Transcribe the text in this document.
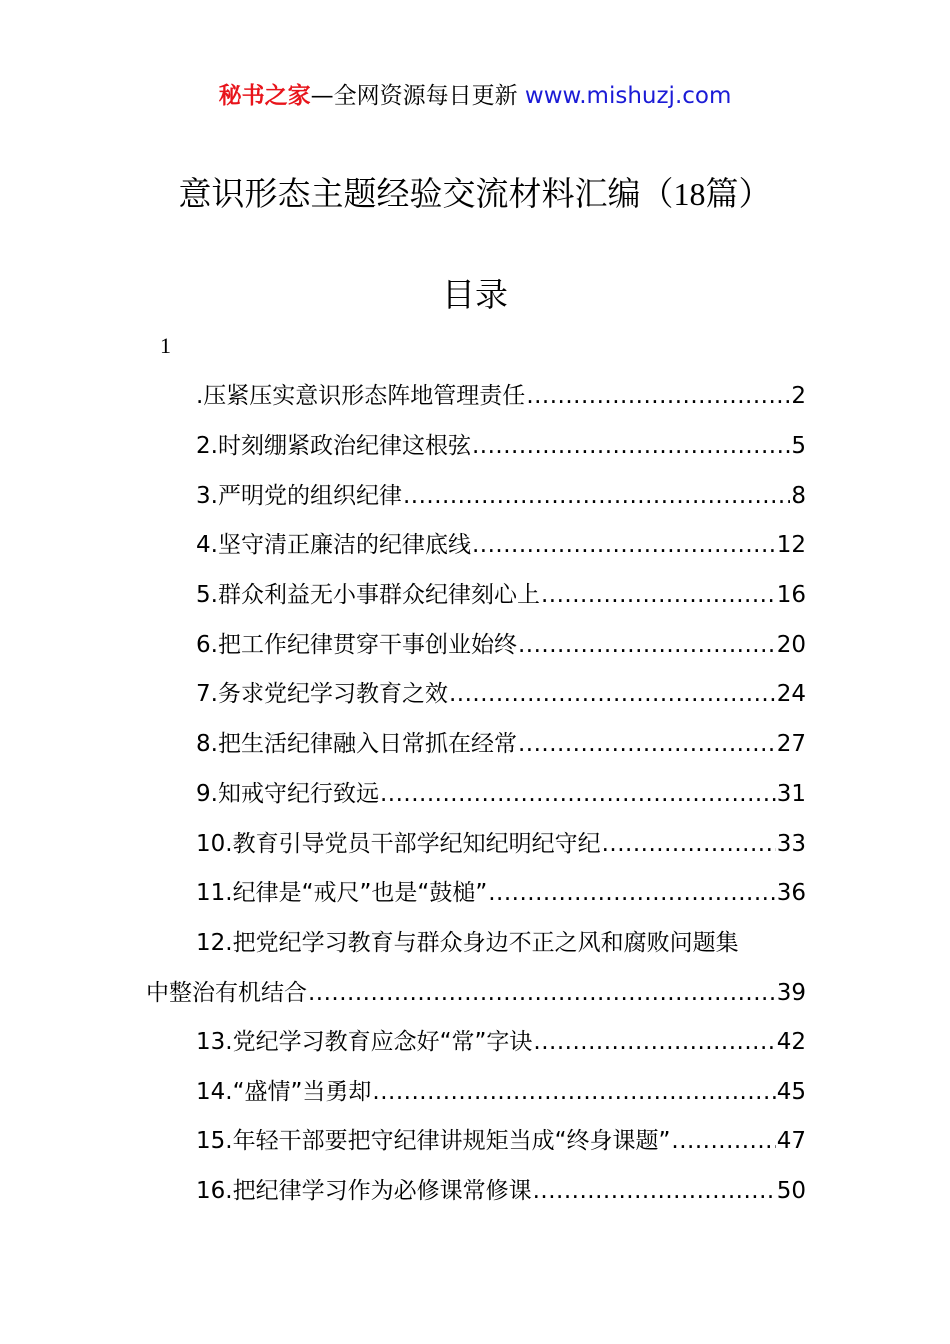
秘书之家—全网资源每日更新 www.mishuzj.com
意识形态主题经验交流材料汇编（18篇）
目录
1
.压紧压实意识形态阵地管理责任 .....	2
2.时刻绷紧政治纪律这根弦 .....	5
3.严明党的组织纪律 .....	8
4.坚守清正廉洁的纪律底线 .....	12
5.群众利益无小事群众纪律刻心上 .....	16
6.把工作纪律贯穿干事创业始终 .....	20
7.务求党纪学习教育之效 .....	24
8.把生活纪律融入日常抓在经常 .....	27
9.知戒守纪行致远 .....	31
10.教育引导党员干部学纪知纪明纪守纪 .....	33
11.纪律是“戒尺”也是“鼓槌” .....	36
12.把党纪学习教育与群众身边不正之风和腐败问题集
中整治有机结合 .....	39
13.党纪学习教育应念好“常”字诀 .....	42
14.“盛情”当勇却 .....	45
15.年轻干部要把守纪律讲规矩当成“终身课题” .....	47
16.把纪律学习作为必修课常修课 .....	50
